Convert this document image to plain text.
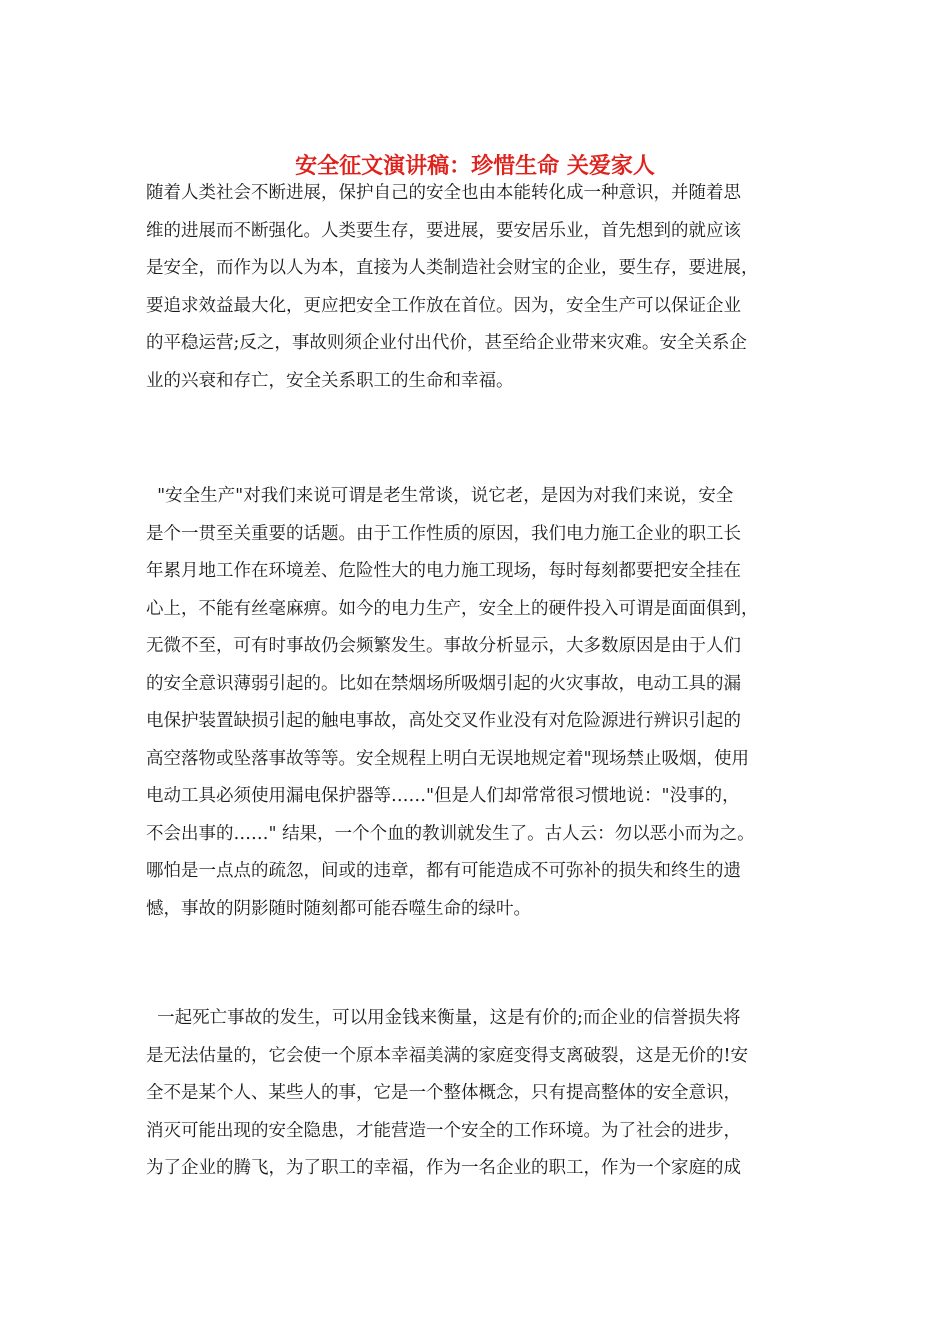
安全征文演讲稿：珍惜生命 关爱家人
随着人类社会不断进展，保护自己的安全也由本能转化成一种意识，并随着思
维的进展而不断强化。人类要生存，要进展，要安居乐业，首先想到的就应该
是安全，而作为以人为本，直接为人类制造社会财宝的企业，要生存，要进展，
要追求效益最大化，更应把安全工作放在首位。因为，安全生产可以保证企业
的平稳运营;反之，事故则须企业付出代价，甚至给企业带来灾难。安全关系企
业的兴衰和存亡，安全关系职工的生命和幸福。
"安全生产"对我们来说可谓是老生常谈，说它老，是因为对我们来说，安全
是个一贯至关重要的话题。由于工作性质的原因，我们电力施工企业的职工长
年累月地工作在环境差、危险性大的电力施工现场，每时每刻都要把安全挂在
心上，不能有丝毫麻痹。如今的电力生产，安全上的硬件投入可谓是面面俱到，
无微不至，可有时事故仍会频繁发生。事故分析显示，大多数原因是由于人们
的安全意识薄弱引起的。比如在禁烟场所吸烟引起的火灾事故，电动工具的漏
电保护装置缺损引起的触电事故，高处交叉作业没有对危险源进行辨识引起的
高空落物或坠落事故等等。安全规程上明白无误地规定着"现场禁止吸烟，使用
电动工具必须使用漏电保护器等……"但是人们却常常很习惯地说："没事的，
不会出事的……" 结果，一个个血的教训就发生了。古人云：勿以恶小而为之。
哪怕是一点点的疏忽，间或的违章，都有可能造成不可弥补的损失和终生的遗
憾，事故的阴影随时随刻都可能吞噬生命的绿叶。
一起死亡事故的发生，可以用金钱来衡量，这是有价的;而企业的信誉损失将
是无法估量的，它会使一个原本幸福美满的家庭变得支离破裂，这是无价的!安
全不是某个人、某些人的事，它是一个整体概念，只有提高整体的安全意识，
消灭可能出现的安全隐患，才能营造一个安全的工作环境。为了社会的进步，
为了企业的腾飞，为了职工的幸福，作为一名企业的职工，作为一个家庭的成
